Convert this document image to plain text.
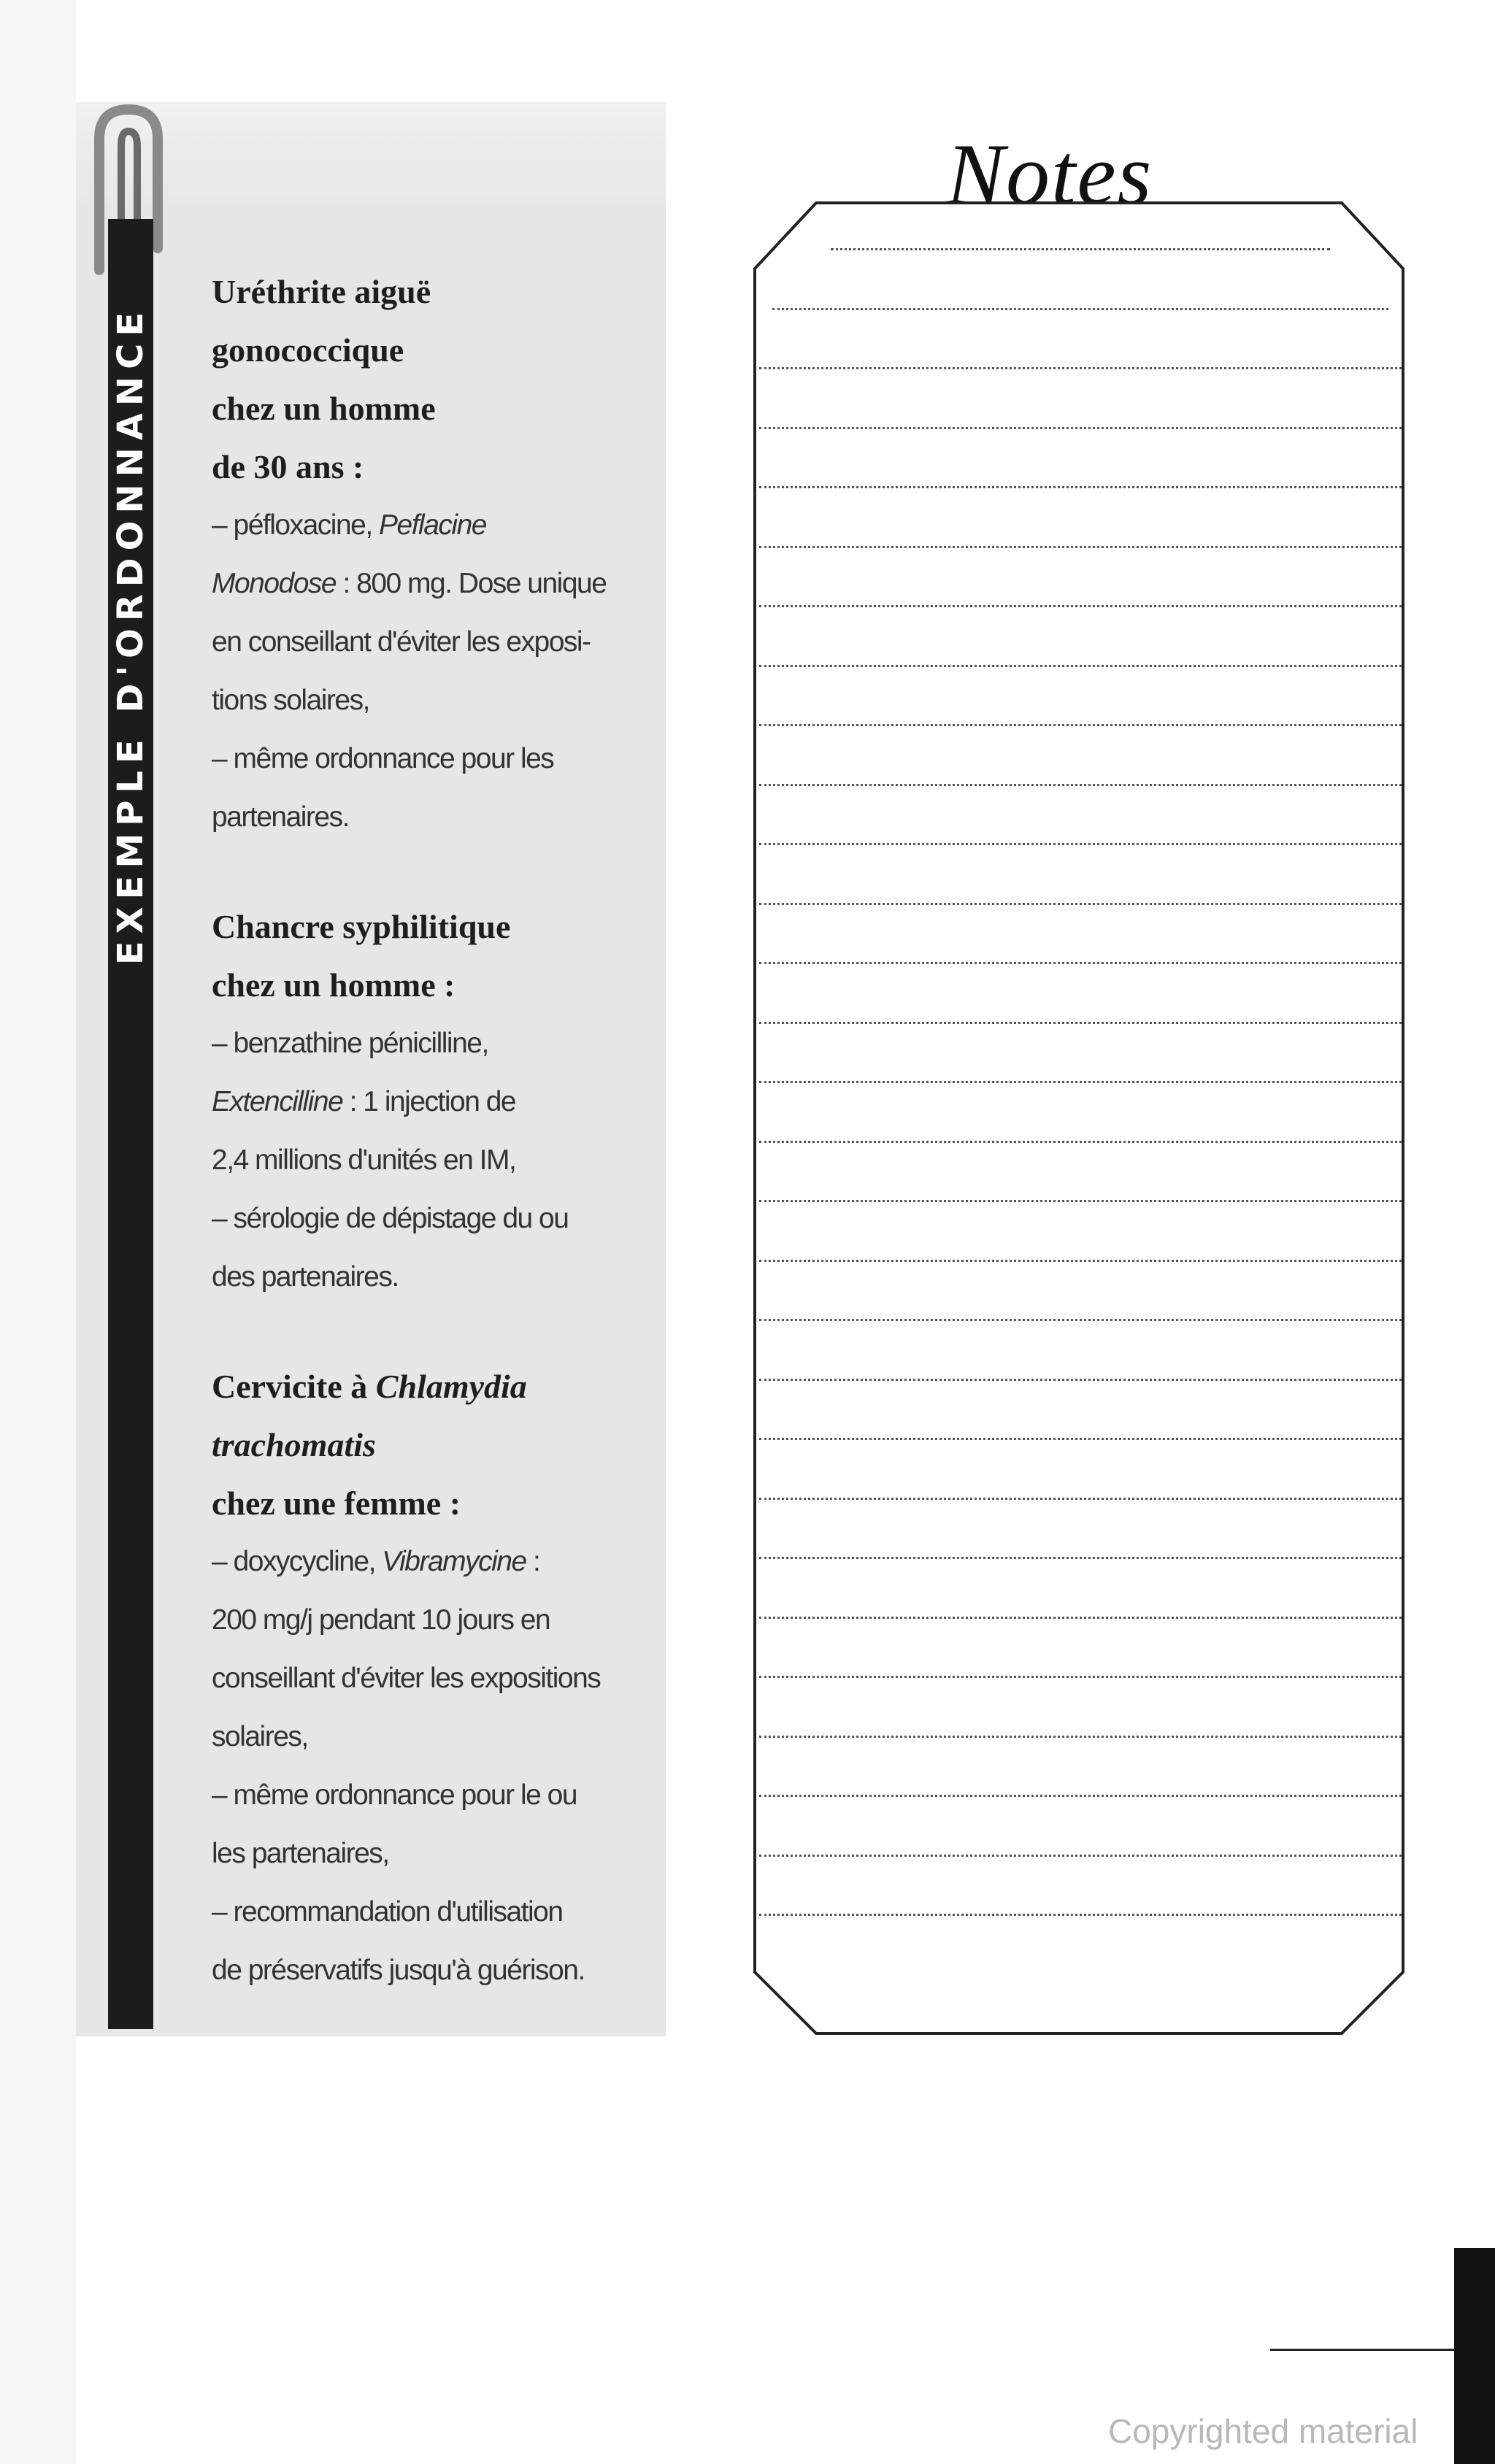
EXEMPLE D'ORDONNANCE
Uréthrite aiguë
gonococcique
chez un homme
de 30 ans :
– péfloxacine, Peflacine
Monodose : 800 mg. Dose unique
en conseillant d'éviter les exposi-
tions solaires,
– même ordonnance pour les
partenaires.
Chancre syphilitique
chez un homme :
– benzathine pénicilline,
Extencilline : 1 injection de
2,4 millions d'unités en IM,
– sérologie de dépistage du ou
des partenaires.
Cervicite à Chlamydia
trachomatis
chez une femme :
– doxycycline, Vibramycine :
200 mg/j pendant 10 jours en
conseillant d'éviter les expositions
solaires,
– même ordonnance pour le ou
les partenaires,
– recommandation d'utilisation
de préservatifs jusqu'à guérison.
Notes
Copyrighted material
